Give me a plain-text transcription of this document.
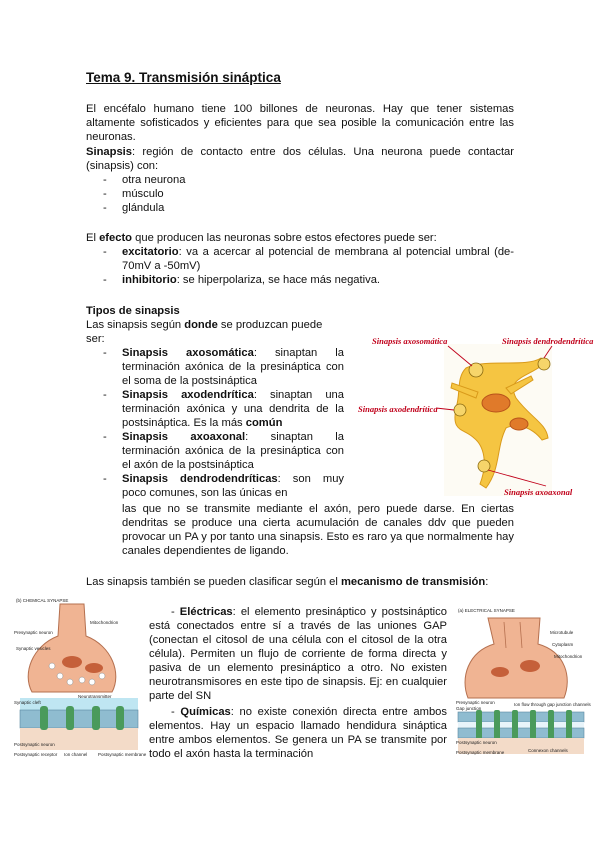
Tema 9. Transmisión sináptica
El encéfalo humano tiene 100 billones de neuronas. Hay que tener sistemas altamente sofisticados y eficientes para que sea posible la comunicación entre las neuronas.
Sinapsis: región de contacto entre dos células. Una neurona puede contactar (sinapsis) con:
- otra neurona
- músculo
- glándula
El efecto que producen las neuronas sobre estos efectores puede ser:
- excitatorio: va a acercar al potencial de membrana al potencial umbral (de-70mV a -50mV)
- inhibitorio: se hiperpolariza, se hace más negativa.
Tipos de sinapsis
Las sinapsis según donde se produzcan puede ser:
- Sinapsis axosomática: sinaptan la terminación axónica de la presináptica con el soma de la postsináptica
- Sinapsis axodendrítica: sinaptan una terminación axónica y una dendrita de la postsináptica. Es la más común
- Sinapsis axoaxonal: sinaptan la terminación axónica de la presináptica con el axón de la postsináptica
- Sinapsis dendrodendríticas: son muy poco comunes, son las únicas en
las que no se transmite mediante el axón, pero puede darse. En ciertas dendritas se produce una cierta acumulación de canales ddv que pueden provocar un PA y por tanto una sinapsis. Esto es raro ya que normalmente hay canales dependientes de ligando.
Sinapsis axosomática	Sinapsis dendrodendrítica
Sinapsis axodendrítica
Sinapsis axoaxonal
Las sinapsis también se pueden clasificar según el mecanismo de transmisión:
- Eléctricas: el elemento presináptico y postsináptico está conectados entre sí a través de las uniones GAP (conectan el citosol de una célula con el citosol de la otra célula). Permiten un flujo de corriente de forma directa y pasiva de un elemento presináptico a otro. No existen neurotransmisores en este tipo de sinapsis. Ej: en cualquier parte del SN
- Químicas: no existe conexión directa entre ambos elementos. Hay un espacio llamado hendidura sináptica entre ambos elementos. Se genera un PA se transmite por todo el axón hasta la terminación
(b) CHEMICAL SYNAPSE
Presynaptic neuron
Synaptic vesicles
Mitochondrion
Neurotransmitter
Synaptic cleft
Postsynaptic neuron
Postsynaptic receptor Ion channel Postsynaptic membrane
(a) ELECTRICAL SYNAPSE
Microtubule
Cytoplasm
Mitochondrion
Presynaptic neuron
Gap junction
Postsynaptic neuron
Ion flow through gap junction channels
Postsynaptic membrane	Connexon channels
